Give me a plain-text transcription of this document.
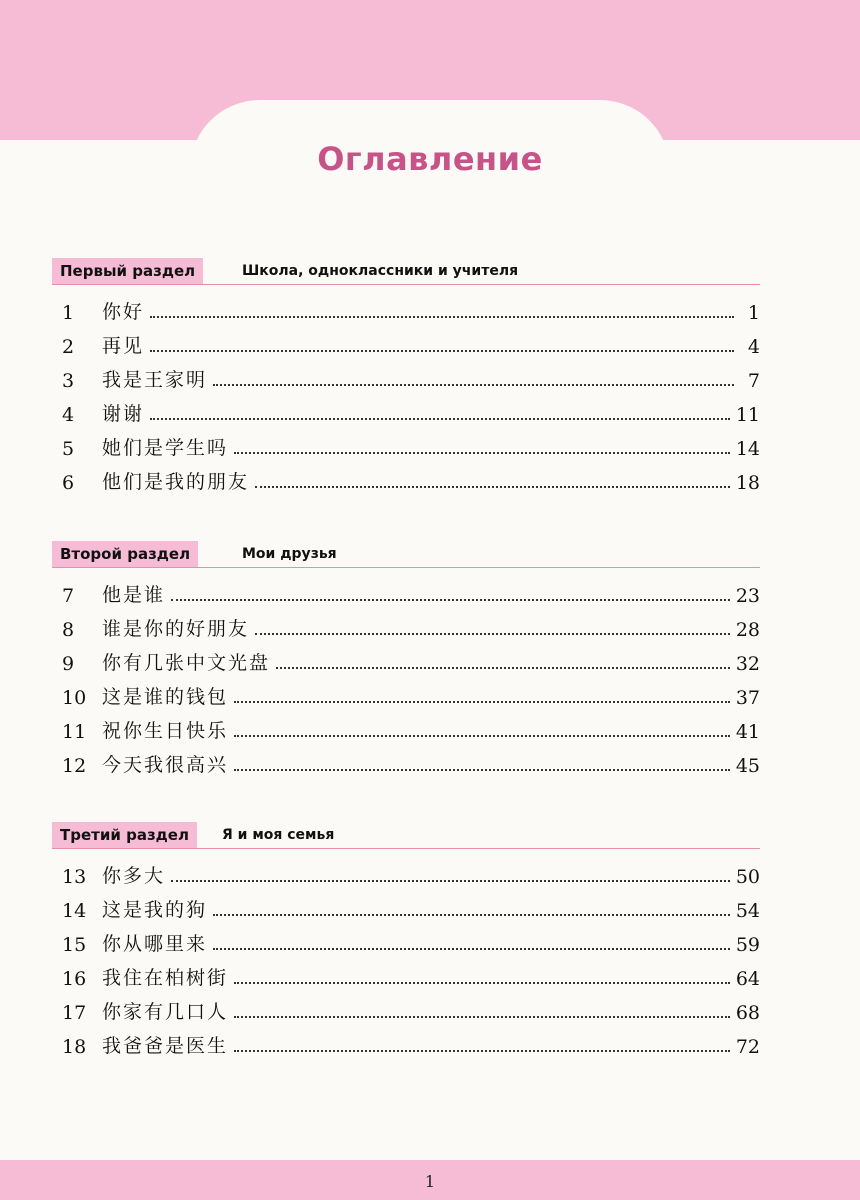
Оглавление
Первый раздел	Школа, одноклассники и учителя
1	你好	1
2	再见	4
3	我是王家明	7
4	谢谢	11
5	她们是学生吗	14
6	他们是我的朋友	18
Второй раздел	Мои друзья
7	他是谁	23
8	谁是你的好朋友	28
9	你有几张中文光盘	32
10 这是谁的钱包	37
11 祝你生日快乐	41
12 今天我很高兴	45
Третий раздел	Я и моя семья
13 你多大	50
14 这是我的狗	54
15 你从哪里来	59
16 我住在柏树街	64
17 你家有几口人	68
18 我爸爸是医生	72
1
